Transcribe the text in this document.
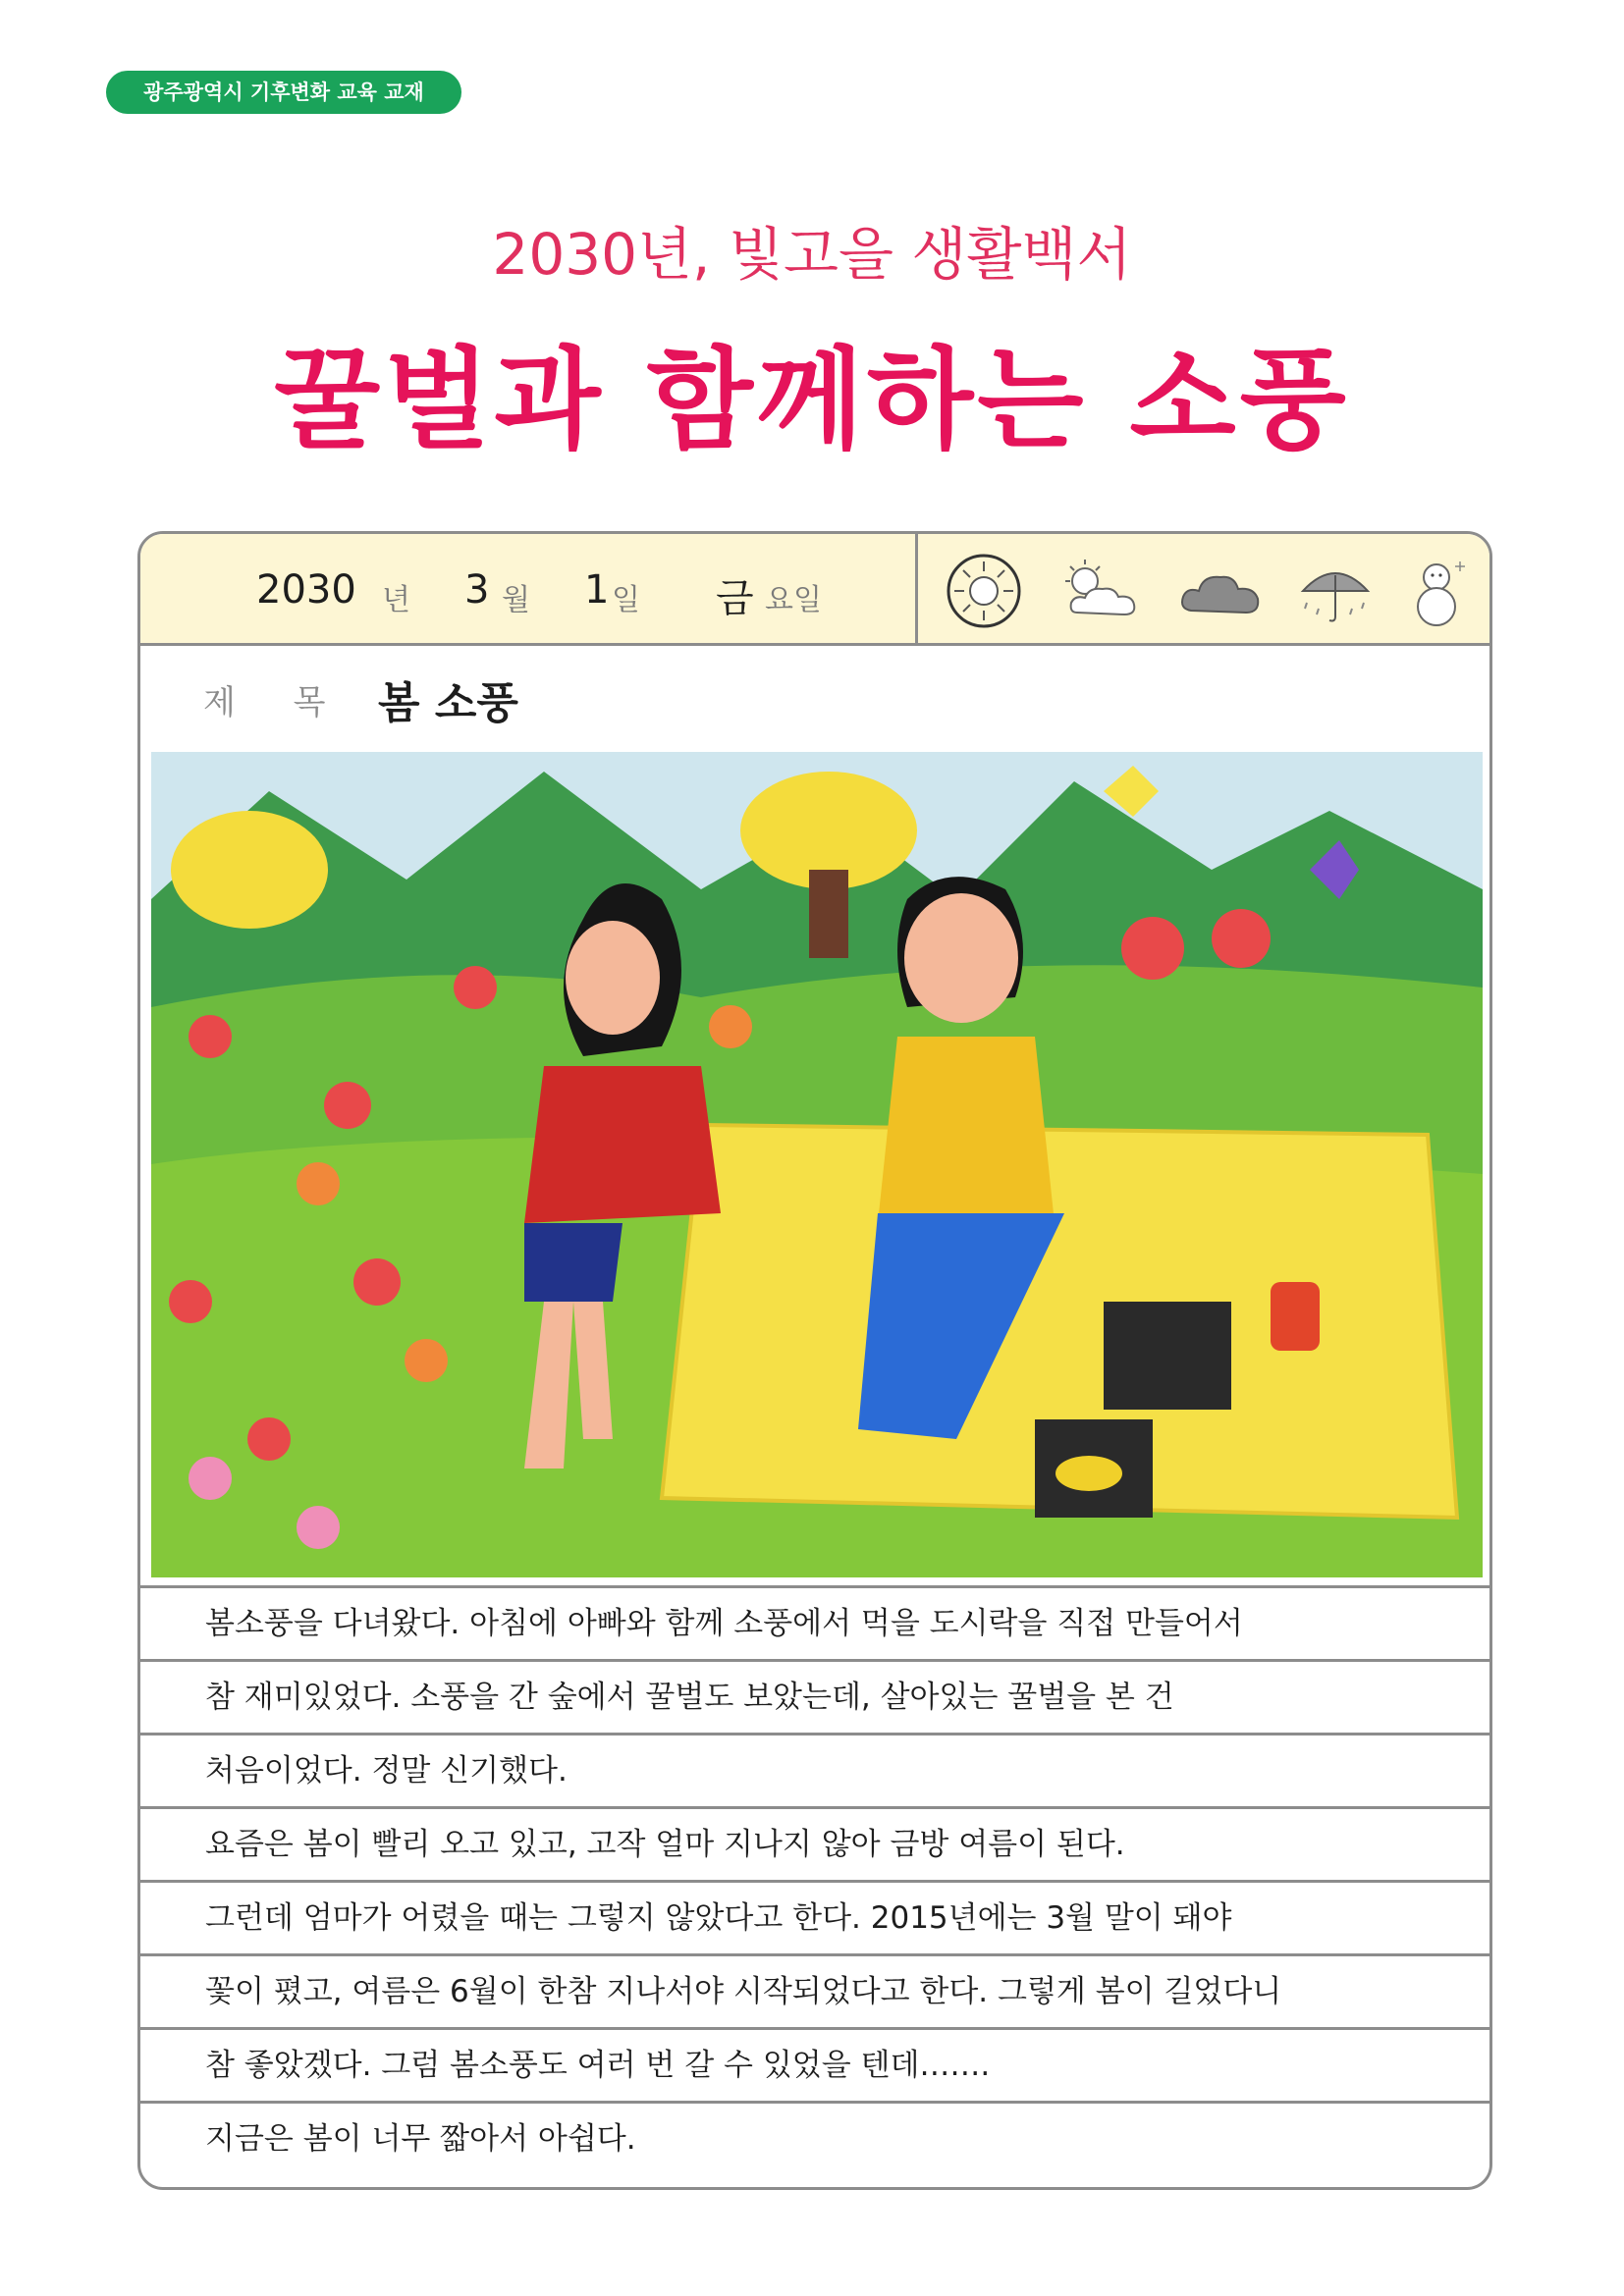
광주광역시 기후변화 교육 교재
2030년, 빛고을 생활백서
꿀벌과 함께하는 소풍
2030 년 3 월 1 일 금 요일
제 목 봄 소풍
봄소풍을 다녀왔다. 아침에 아빠와 함께 소풍에서 먹을 도시락을 직접 만들어서
참 재미있었다. 소풍을 간 숲에서 꿀벌도 보았는데, 살아있는 꿀벌을 본 건
처음이었다. 정말 신기했다.
요즘은 봄이 빨리 오고 있고, 고작 얼마 지나지 않아 금방 여름이 된다.
그런데 엄마가 어렸을 때는 그렇지 않았다고 한다. 2015년에는 3월 말이 돼야
꽃이 폈고, 여름은 6월이 한참 지나서야 시작되었다고 한다. 그렇게 봄이 길었다니
참 좋았겠다. 그럼 봄소풍도 여러 번 갈 수 있었을 텐데…….
지금은 봄이 너무 짧아서 아쉽다.
